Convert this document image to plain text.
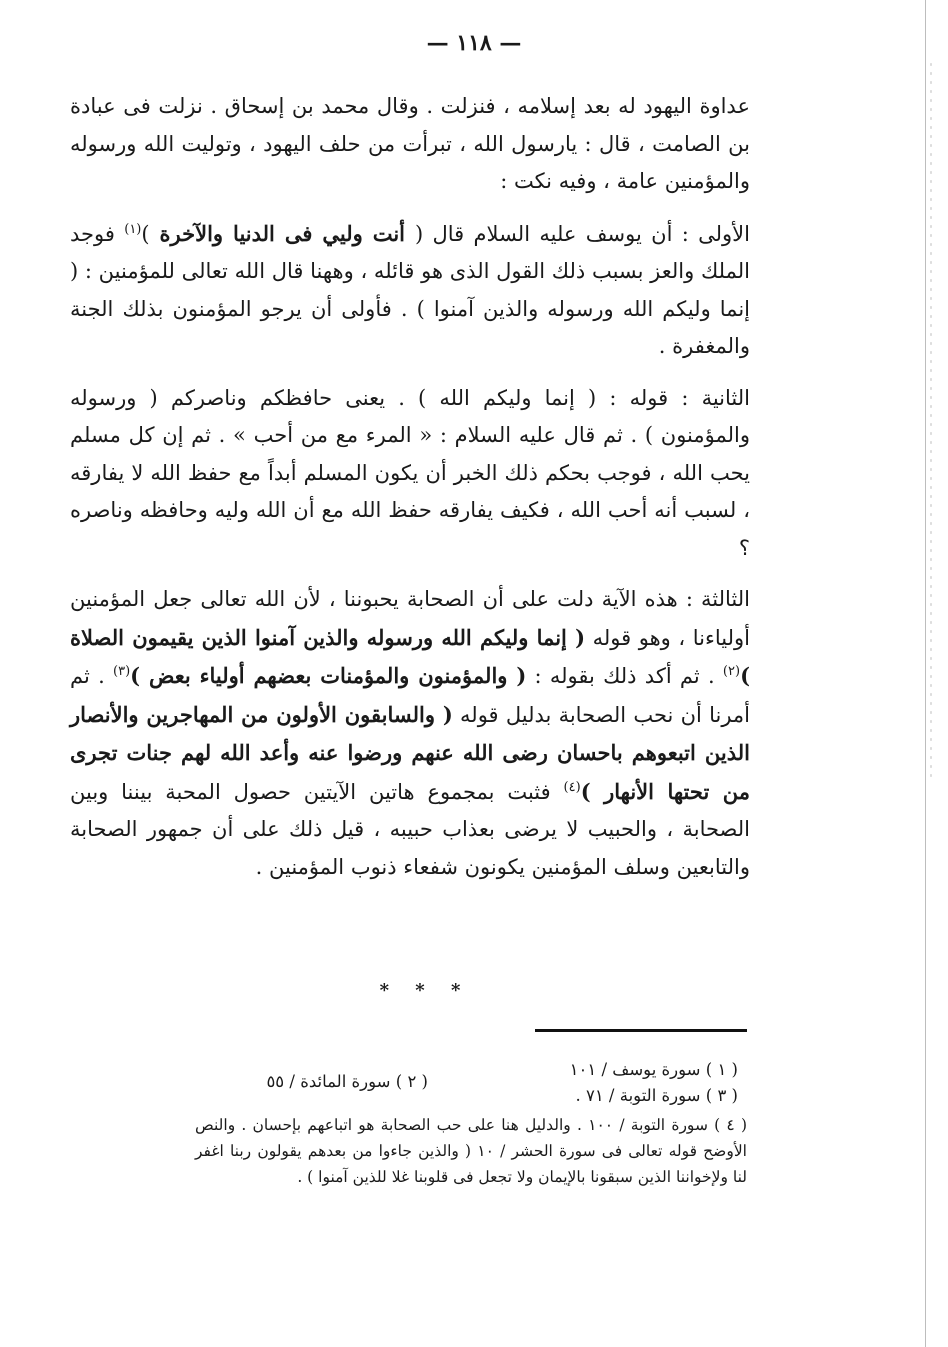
— ١١٨ —

عداوة اليهود له بعد إسلامه ، فنزلت . وقال محمد بن إسحاق . نزلت فى عبادة بن الصامت ، قال : يارسول الله ، تبرأت من حلف اليهود ، وتوليت الله ورسوله والمؤمنين عامة ، وفيه نكت :

الأولى : أن يوسف عليه السلام قال ( أنت وليي فى الدنيا والآخرة )$^{(١)}$ فوجد الملك والعز بسبب ذلك القول الذى هو قائله ، وههنا قال الله تعالى للمؤمنين : ( إنما وليكم الله ورسوله والذين آمنوا ) . فأولى أن يرجو المؤمنون بذلك الجنة والمغفرة .

الثانية : قوله : ( إنما وليكم الله ) . يعنى حافظكم وناصركم ( ورسوله والمؤمنون ) . ثم قال عليه السلام : « المرء مع من أحب » . ثم إن كل مسلم يحب الله ، فوجب بحكم ذلك الخبر أن يكون المسلم أبداً مع حفظ الله لا يفارقه ، لسبب أنه أحب الله ، فكيف يفارقه حفظ الله مع أن الله وليه وحافظه وناصره ؟

الثالثة : هذه الآية دلت على أن الصحابة يحبوننا ، لأن الله تعالى جعل المؤمنين أولياءنا ، وهو قوله ( إنما وليكم الله ورسوله والذين آمنوا الذين يقيمون الصلاة )$^{(٢)}$ . ثم أكد ذلك بقوله : ( والمؤمنون والمؤمنات بعضهم أولياء بعض )$^{(٣)}$ . ثم أمرنا أن نحب الصحابة بدليل قوله ( والسابقون الأولون من المهاجرين والأنصار الذين اتبعوهم باحسان رضى الله عنهم ورضوا عنه وأعد الله لهم جنات تجرى من تحتها الأنهار )$^{(٤)}$ فثبت بمجموع هاتين الآيتين حصول المحبة بيننا وبين الصحابة ، والحبيب لا يرضى بعذاب حبيبه ، قيل ذلك على أن جمهور الصحابة والتابعين وسلف المؤمنين يكونون شفعاء ذنوب المؤمنين .

* * *
( ١ ) سورة يوسف / ١٠١
( ٢ ) سورة المائدة / ٥٥
( ٣ ) سورة التوبة / ٧١ .
( ٤ ) سورة التوبة / ١٠٠ . والدليل هنا على حب الصحابة هو اتباعهم بإحسان . والنص الأوضح قوله تعالى فى سورة الحشر / ١٠ ( والذين جاءوا من بعدهم يقولون ربنا اغفر لنا ولإخواننا الذين سبقونا بالإيمان ولا تجعل فى قلوبنا غلا للذين آمنوا ) .
